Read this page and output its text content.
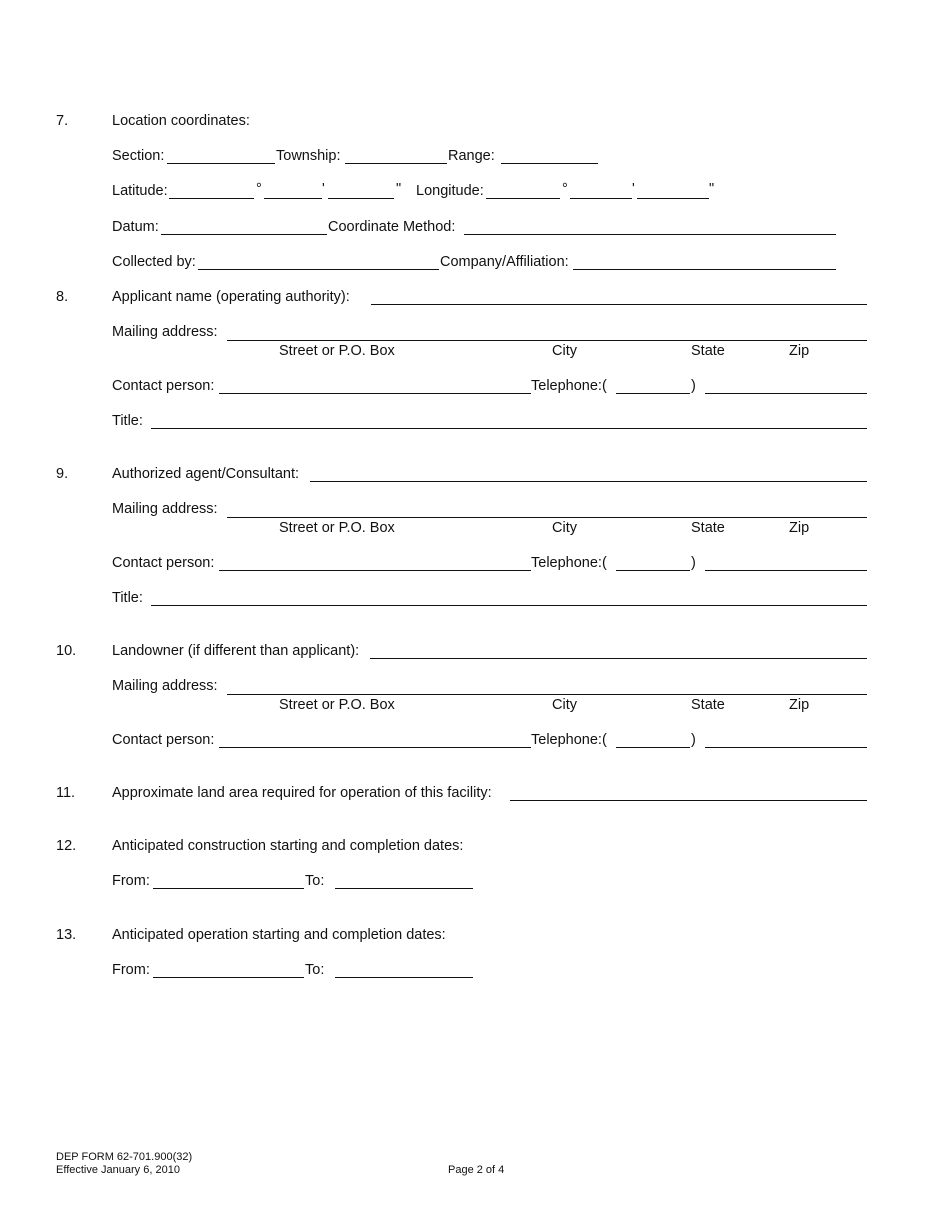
7.	Location coordinates:
Section:	Township:	Range:
Latitude:	°	'	" Longitude:	°	'	"
Datum:	Coordinate Method:
Collected by:	Company/Affiliation:
8.	Applicant name (operating authority):
Mailing address:
Street or P.O. Box	City	State	Zip
Contact person:	Telephone:(	)
Title:
9.	Authorized agent/Consultant:
Mailing address:
Street or P.O. Box	City	State	Zip
Contact person:	Telephone:(	)
Title:
10. Landowner (if different than applicant):
Mailing address:
Street or P.O. Box	City	State	Zip
Contact person:	Telephone:(	)
11.	Approximate land area required for operation of this facility:
12. Anticipated construction starting and completion dates:
From:	To:
13. Anticipated operation starting and completion dates:
From:	To:
DEP FORM 62-701.900(32)
Effective January 6, 2010	Page 2 of 4
